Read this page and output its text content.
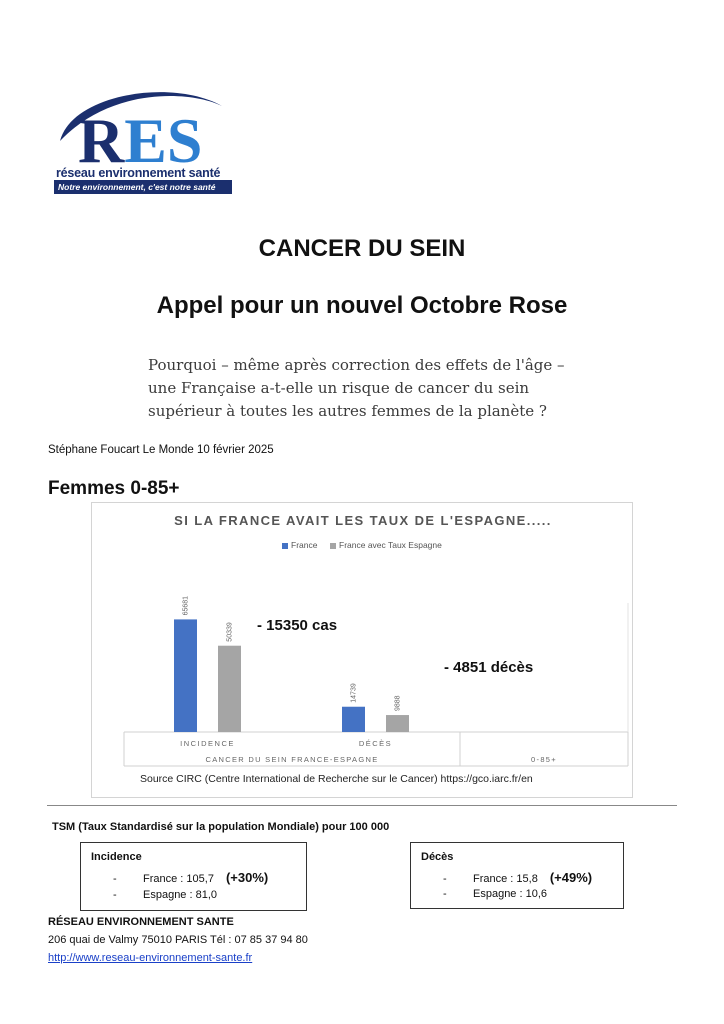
RES
réseau environnement santé
Notre environnement, c'est notre santé
CANCER DU SEIN
Appel pour un nouvel Octobre Rose

Pourquoi – même après correction des effets de l'âge – une Française a-t-elle un risque de cancer du sein supérieur à toutes les autres femmes de la planète ?

Stéphane Foucart Le Monde 10 février 2025
Femmes 0-85+
65681
50339
INCIDENCE
14739
9888
DÉCÈS
CANCER DU SEIN FRANCE-ESPAGNE	0-85+
SI LA FRANCE AVAIT LES TAUX DE L'ESPAGNE.....
France	France avec Taux Espagne
- 15350 cas
- 4851 décès
Source CIRC (Centre International de Recherche sur le Cancer) https://gco.iarc.fr/en
TSM (Taux Standardisé sur la population Mondiale) pour 100 000
Incidence
- France : 105,7 (+30%)
- Espagne : 81,0
Décès
- France : 15,8 (+49%)
- Espagne : 10,6
RÉSEAU ENVIRONNEMENT SANTE
206 quai de Valmy 75010 PARIS Tél : 07 85 37 94 80
http://www.reseau-environnement-sante.fr
